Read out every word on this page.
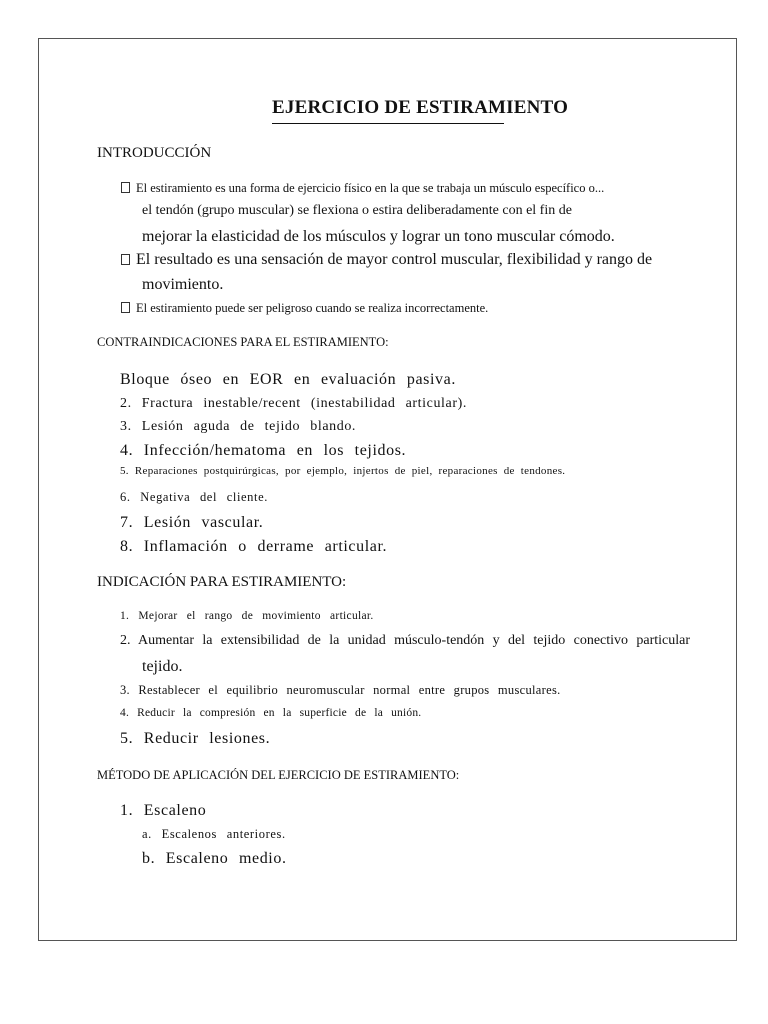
EJERCICIO DE ESTIRAMIENTO
INTRODUCCIÓN
El estiramiento es una forma de ejercicio físico en la que se trabaja un músculo específico o...
el tendón (grupo muscular) se flexiona o estira deliberadamente con el fin de
mejorar la elasticidad de los músculos y lograr un tono muscular cómodo.
El resultado es una sensación de mayor control muscular, flexibilidad y rango de
movimiento.
El estiramiento puede ser peligroso cuando se realiza incorrectamente.
CONTRAINDICACIONES PARA EL ESTIRAMIENTO:
Bloque óseo en EOR en evaluación pasiva.
2. Fractura inestable/recent (inestabilidad articular).
3. Lesión aguda de tejido blando.
4. Infección/hematoma en los tejidos.
5. Reparaciones postquirúrgicas, por ejemplo, injertos de piel, reparaciones de tendones.
6. Negativa del cliente.
7. Lesión vascular.
8. Inflamación o derrame articular.
INDICACIÓN PARA ESTIRAMIENTO:
1. Mejorar el rango de movimiento articular.
2. Aumentar la extensibilidad de la unidad músculo-tendón y del tejido conectivo particular
tejido.
3. Restablecer el equilibrio neuromuscular normal entre grupos musculares.
4. Reducir la compresión en la superficie de la unión.
5. Reducir lesiones.
MÉTODO DE APLICACIÓN DEL EJERCICIO DE ESTIRAMIENTO:
1. Escaleno
a. Escalenos anteriores.
b. Escaleno medio.
